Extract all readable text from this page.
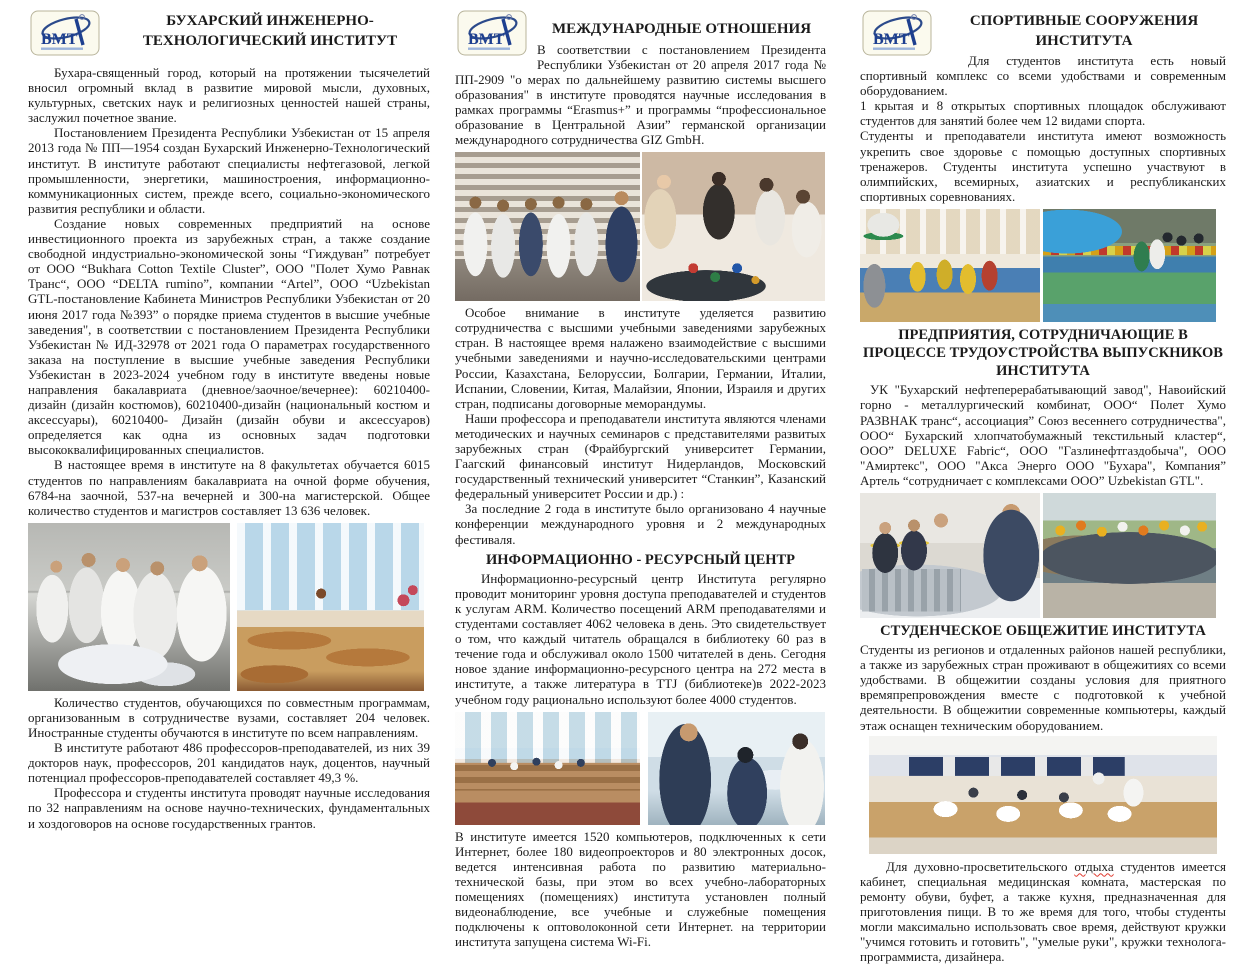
ВМТ
БУХАРСКИЙ ИНЖЕНЕРНО-ТЕХНОЛОГИЧЕСКИЙ ИНСТИТУТ

Бухара-священный город, который на протяжении тысячелетий вносил огромный вклад в развитие мировой мысли, духовных, культурных, светских наук и религиозных ценностей нашей страны, заслужил почетное звание.

Постановлением Президента Республики Узбекистан от 15 апреля 2013 года № ПП—1954 создан Бухарский Инженерно-Технологический институт. В институте работают специалисты нефтегазовой, легкой промышленности, энергетики, машиностроения, информационно-коммуникационных систем, прежде всего, социально-экономического развития республики и области.

Создание новых современных предприятий на основе инвестиционного проекта из зарубежных стран, а также создание свободной индустриально-экономической зоны “Гиждуван” потребует от ООО “Bukhara Cotton Textile Cluster”, ООО "Полет Хумо Равнак Транс“, ООО “DELTA rumino”, компании “Artel”, ООО “Uzbekistan GTL-постановление Кабинета Министров Республики Узбекистан от 20 июня 2017 года №393” о порядке приема студентов в высшие учебные заведения", в соответствии с постановлением Президента Республики Узбекистан № ИД-32978 от 2021 года О параметрах государственного заказа на поступление в высшие учебные заведения Республики Узбекистан в 2023-2024 учебном году в институте введены новые направления бакалавриата (дневное/заочное/вечернее): 60210400-дизайн (дизайн костюмов), 60210400-дизайн (национальный костюм и аксессуары), 60210400- Дизайн (дизайн обуви и аксессуаров) определяется как одна из основных задач подготовки высококвалифицированных специалистов.

В настоящее время в институте на 8 факультетах обучается 6015 студентов по направлениям бакалавриата на очной форме обучения, 6784-на заочной, 537-на вечерней и 300-на магистерской. Общее количество студентов и магистров составляет 13 636 человек.

Количество студентов, обучающихся по совместным программам, организованным в сотрудничестве вузами, составляет 204 человек. Иностранные студенты обучаются в институте по всем направлениям.

В институте работают 486 профессоров-преподавателей, из них 39 докторов наук, профессоров, 201 кандидатов наук, доцентов, научный потенциал профессоров-преподавателей составляет 49,3 %.

Профессора и студенты института проводят научные исследования по 32 направлениям на основе научно-технических, фундаментальных и хоздоговоров на основе государственных грантов.

ВМТ
МЕЖДУНАРОДНЫЕ ОТНОШЕНИЯ

В соответствии с постановлением Президента Республики Узбекистан от 20 апреля 2017 года № ПП-2909 "о мерах по дальнейшему развитию системы высшего образования" в институте проводятся научные исследования в рамках программы “Erasmus+” и программы “профессиональное образование в Центральной Азии” германской организации международного сотрудничества GIZ GmbH.

Особое внимание в институте уделяется развитию сотрудничества с высшими учебными заведениями зарубежных стран. В настоящее время налажено взаимодействие с высшими учебными заведениями и научно-исследовательскими центрами России, Казахстана, Белоруссии, Болгарии, Германии, Италии, Испании, Словении, Китая, Малайзии, Японии, Израиля и других стран, подписаны договорные меморандумы.

Наши профессора и преподаватели института являются членами методических и научных семинаров с представителями развитых зарубежных стран (Фрайбургский университет Германии, Гаагский финансовый институт Нидерландов, Московский государственный технический университет “Станкин”, Казанский федеральный университет России и др.) :

За последние 2 года в институте было организовано 4 научные конференции международного уровня и 2 международных фестиваля.

ИНФОРМАЦИОННО - РЕСУРСНЫЙ ЦЕНТР

Информационно-ресурсный центр Института регулярно проводит мониторинг уровня доступа преподавателей и студентов к услугам ARM. Количество посещений ARM преподавателями и студентами составляет 4062 человека в день. Это свидетельствует о том, что каждый читатель обращался в библиотеку 60 раз в течение года и обслуживал около 1500 читателей в день. Сегодня новое здание информационно-ресурсного центра на 272 места в институте, а также литература в TTJ (библиотеке)в 2022-2023 учебном году рационально используют более 4000 студентов.

В институте имеется 1520 компьютеров, подключенных к сети Интернет, более 180 видеопроекторов и 80 электронных досок, ведется интенсивная работа по развитию материально-технической базы, при этом во всех учебно-лабораторных помещениях (помещениях) института установлен полный видеонаблюдение, все учебные и служебные помещения подключены к оптоволоконной сети Интернет. на территории института запущена система Wi-Fi.

ВМТ
СПОРТИВНЫЕ СООРУЖЕНИЯ ИНСТИТУТА

Для студентов института есть новый спортивный комплекс со всеми удобствами и современным оборудованием.

1 крытая и 8 открытых спортивных площадок обслуживают студентов для занятий более чем 12 видами спорта.

Студенты и преподаватели института имеют возможность укрепить свое здоровье с помощью доступных спортивных тренажеров. Студенты института успешно участвуют в олимпийских, всемирных, азиатских и республиканских спортивных соревнованиях.

ПРЕДПРИЯТИЯ, СОТРУДНИЧАЮЩИЕ В ПРОЦЕССЕ ТРУДОУСТРОЙСТВА ВЫПУСКНИКОВ ИНСТИТУТА

УК "Бухарский нефтеперерабатывающий завод", Навоийский горно - металлургический комбинат, ООО“ Полет Хумо РАЗВНАК транс“, ассоциация” Союз весеннего сотрудничества", ООО“ Бухарский хлопчатобумажный текстильный кластер“, ООО” DELUXE Fabric“, ООО "Газлинефтгаздобыча", ООО "Амиртекс", ООО "Акса Энерго ООО "Бухара", Компания” Артель “сотрудничает с комплексами ООО” Uzbekistan GTL".

СТУДЕНЧЕСКОЕ ОБЩЕЖИТИЕ ИНСТИТУТА

Студенты из регионов и отдаленных районов нашей республики, а также из зарубежных стран проживают в общежитиях со всеми удобствами. В общежитии созданы условия для приятного времяпрепровождения вместе с подготовкой к учебной деятельности. В общежитии современные компьютеры, каждый этаж оснащен техническим оборудованием.

Для духовно-просветительского отдыха студентов имеется кабинет, специальная медицинская комната, мастерская по ремонту обуви, буфет, а также кухня, предназначенная для приготовления пищи. В то же время для того, чтобы студенты могли максимально использовать свое время, действуют кружки "учимся готовить и готовить", "умелые руки", кружки технолога-программиста, дизайнера.
